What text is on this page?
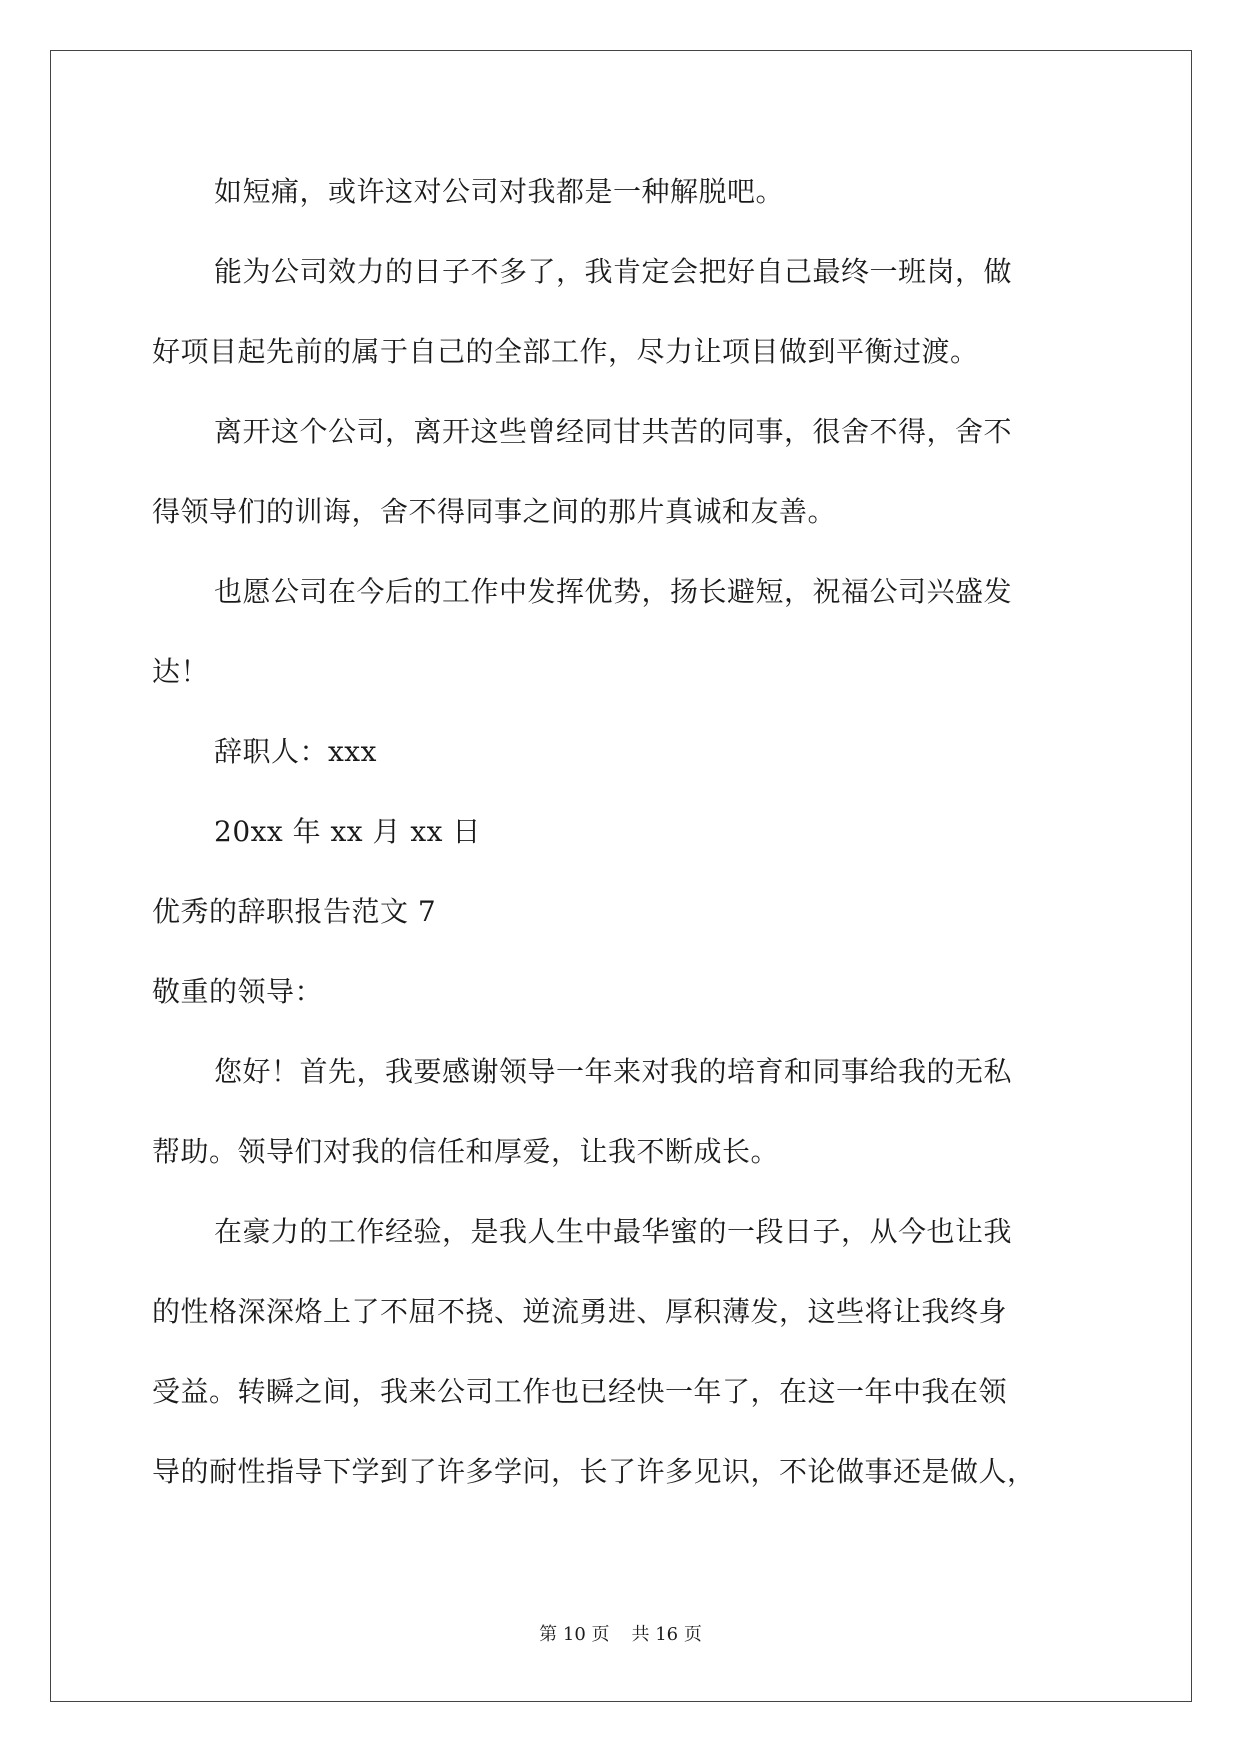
如短痛，或许这对公司对我都是一种解脱吧。
能为公司效力的日子不多了，我肯定会把好自己最终一班岗，做
好项目起先前的属于自己的全部工作，尽力让项目做到平衡过渡。
离开这个公司，离开这些曾经同甘共苦的同事，很舍不得，舍不
得领导们的训诲，舍不得同事之间的那片真诚和友善。
也愿公司在今后的工作中发挥优势，扬长避短，祝福公司兴盛发
达！
辞职人：xxx
20xx 年 xx 月 xx 日
优秀的辞职报告范文 7
敬重的领导：
您好！首先，我要感谢领导一年来对我的培育和同事给我的无私
帮助。领导们对我的信任和厚爱，让我不断成长。
在豪力的工作经验，是我人生中最华蜜的一段日子，从今也让我
的性格深深烙上了不屈不挠、逆流勇进、厚积薄发，这些将让我终身
受益。转瞬之间，我来公司工作也已经快一年了，在这一年中我在领
导的耐性指导下学到了许多学问，长了许多见识，不论做事还是做人，
第 10 页 共 16 页
